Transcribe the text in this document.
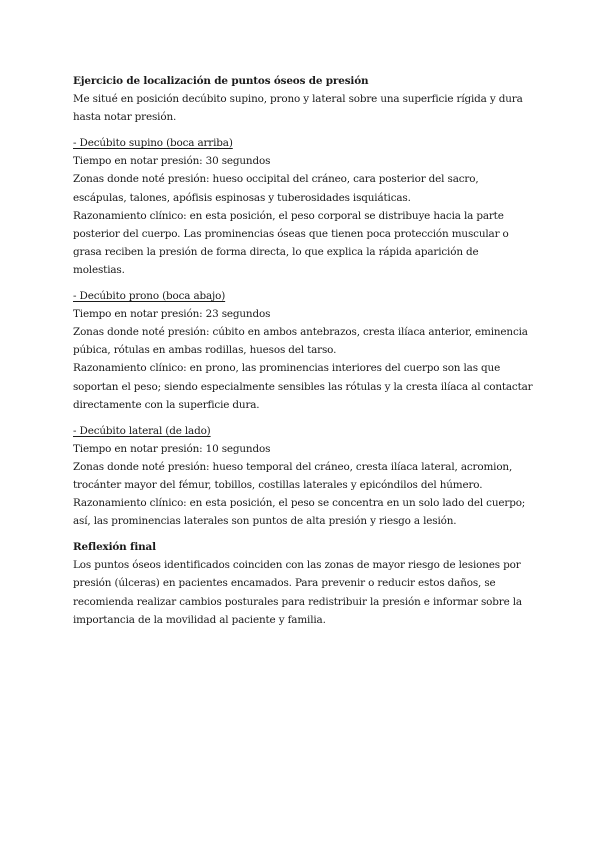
Ejercicio de localización de puntos óseos de presión

Me situé en posición decúbito supino, prono y lateral sobre una superficie rígida y dura hasta notar presión.

- Decúbito supino (boca arriba)

Tiempo en notar presión: 30 segundos

Zonas donde noté presión: hueso occipital del cráneo, cara posterior del sacro, escápulas, talones, apófisis espinosas y tuberosidades isquiáticas.

Razonamiento clínico: en esta posición, el peso corporal se distribuye hacia la parte posterior del cuerpo. Las prominencias óseas que tienen poca protección muscular o grasa reciben la presión de forma directa, lo que explica la rápida aparición de molestias.

- Decúbito prono (boca abajo)

Tiempo en notar presión: 23 segundos

Zonas donde noté presión: cúbito en ambos antebrazos, cresta ilíaca anterior, eminencia púbica, rótulas en ambas rodillas, huesos del tarso.

Razonamiento clínico: en prono, las prominencias interiores del cuerpo son las que soportan el peso; siendo especialmente sensibles las rótulas y la cresta ilíaca al contactar directamente con la superficie dura.

- Decúbito lateral (de lado)

Tiempo en notar presión: 10 segundos

Zonas donde noté presión: hueso temporal del cráneo, cresta ilíaca lateral, acromion, trocánter mayor del fémur, tobillos, costillas laterales y epicóndilos del húmero.

Razonamiento clínico: en esta posición, el peso se concentra en un solo lado del cuerpo; así, las prominencias laterales son puntos de alta presión y riesgo a lesión.

Reflexión final

Los puntos óseos identificados coinciden con las zonas de mayor riesgo de lesiones por presión (úlceras) en pacientes encamados. Para prevenir o reducir estos daños, se recomienda realizar cambios posturales para redistribuir la presión e informar sobre la importancia de la movilidad al paciente y familia.
